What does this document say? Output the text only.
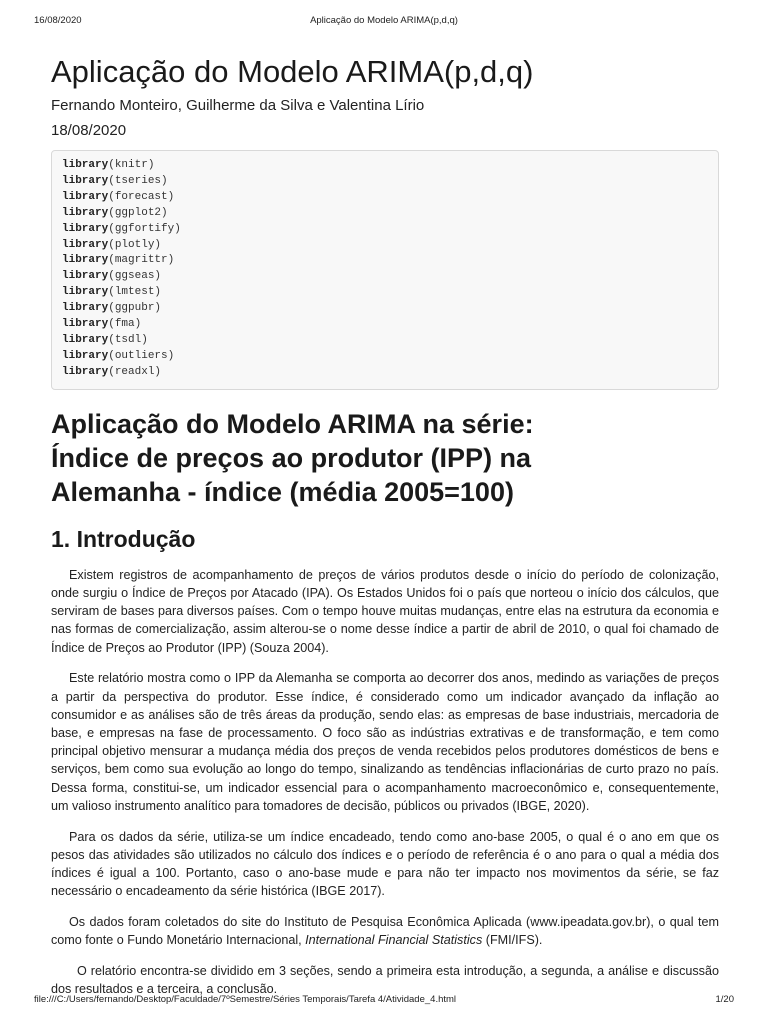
16/08/2020	Aplicação do Modelo ARIMA(p,d,q)
Aplicação do Modelo ARIMA(p,d,q)
Fernando Monteiro, Guilherme da Silva e Valentina Lírio
18/08/2020
library(knitr)
library(tseries)
library(forecast)
library(ggplot2)
library(ggfortify)
library(plotly)
library(magrittr)
library(ggseas)
library(lmtest)
library(ggpubr)
library(fma)
library(tsdl)
library(outliers)
library(readxl)
Aplicação do Modelo ARIMA na série:
Índice de preços ao produtor (IPP) na
Alemanha - índice (média 2005=100)
1. Introdução

Existem registros de acompanhamento de preços de vários produtos desde o início do período de colonização, onde surgiu o Índice de Preços por Atacado (IPA). Os Estados Unidos foi o país que norteou o início dos cálculos, que serviram de bases para diversos países. Com o tempo houve muitas mudanças, entre elas na estrutura da economia e nas formas de comercialização, assim alterou-se o nome desse índice a partir de abril de 2010, o qual foi chamado de Índice de Preços ao Produtor (IPP) (Souza 2004).

Este relatório mostra como o IPP da Alemanha se comporta ao decorrer dos anos, medindo as variações de preços a partir da perspectiva do produtor. Esse índice, é considerado como um indicador avançado da inflação ao consumidor e as análises são de três áreas da produção, sendo elas: as empresas de base industriais, mercadoria de base, e empresas na fase de processamento. O foco são as indústrias extrativas e de transformação, e tem como principal objetivo mensurar a mudança média dos preços de venda recebidos pelos produtores domésticos de bens e serviços, bem como sua evolução ao longo do tempo, sinalizando as tendências inflacionárias de curto prazo no país. Dessa forma, constitui-se, um indicador essencial para o acompanhamento macroeconômico e, consequentemente, um valioso instrumento analítico para tomadores de decisão, públicos ou privados (IBGE, 2020).

Para os dados da série, utiliza-se um índice encadeado, tendo como ano-base 2005, o qual é o ano em que os pesos das atividades são utilizados no cálculo dos índices e o período de referência é o ano para o qual a média dos índices é igual a 100. Portanto, caso o ano-base mude e para não ter impacto nos movimentos da série, se faz necessário o encadeamento da série histórica (IBGE 2017).

Os dados foram coletados do site do Instituto de Pesquisa Econômica Aplicada (www.ipeadata.gov.br), o qual tem como fonte o Fundo Monetário Internacional, International Financial Statistics (FMI/IFS).

O relatório encontra-se dividido em 3 seções, sendo a primeira esta introdução, a segunda, a análise e discussão dos resultados e a terceira, a conclusão.

file:///C:/Users/fernando/Desktop/Faculdade/7ºSemestre/Séries Temporais/Tarefa 4/Atividade_4.html	1/20
